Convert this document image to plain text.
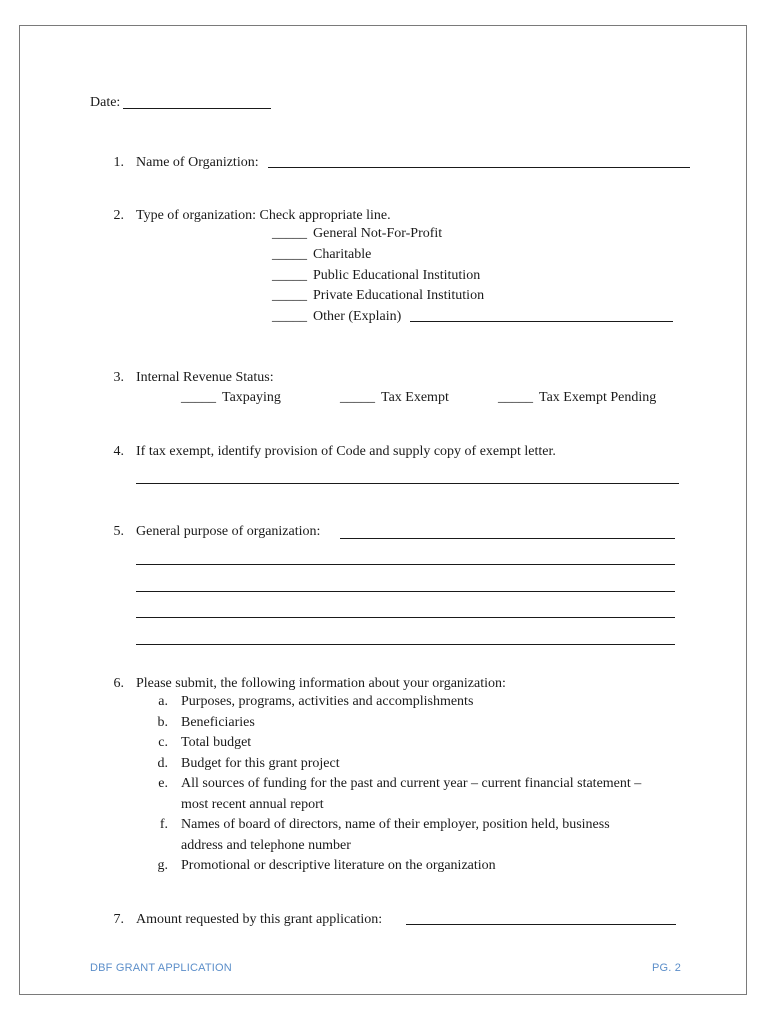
Date:
1. Name of Organiztion:
2. Type of organization: Check appropriate line.
_____ General Not-For-Profit
_____ Charitable
_____ Public Educational Institution
_____ Private Educational Institution
_____ Other (Explain)
3. Internal Revenue Status:
_____ Taxpaying	_____ Tax Exempt	_____ Tax Exempt Pending
4. If tax exempt, identify provision of Code and supply copy of exempt letter.
5. General purpose of organization:
6. Please submit, the following information about your organization:
a. Purposes, programs, activities and accomplishments
b. Beneficiaries
c. Total budget
d. Budget for this grant project
e. All sources of funding for the past and current year – current financial statement –
most recent annual report
f. Names of board of directors, name of their employer, position held, business
address and telephone number
g. Promotional or descriptive literature on the organization
7. Amount requested by this grant application:
DBF GRANT APPLICATION	PG. 2
